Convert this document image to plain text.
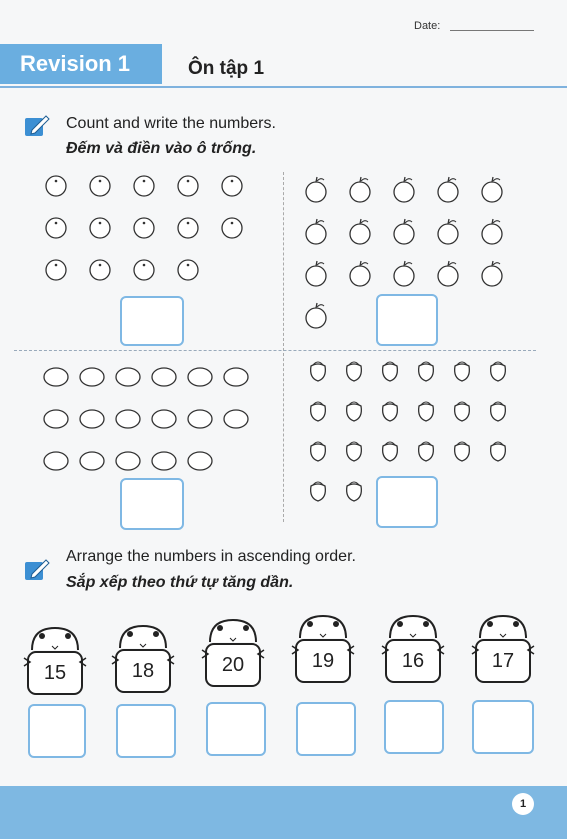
Date:
Revision 1	Ôn tập 1
Count and write the numbers.
Đếm và điền vào ô trống.
Arrange the numbers in ascending order.
Sắp xếp theo thứ tự tăng dần.
15	18	20	19	16	17
1
